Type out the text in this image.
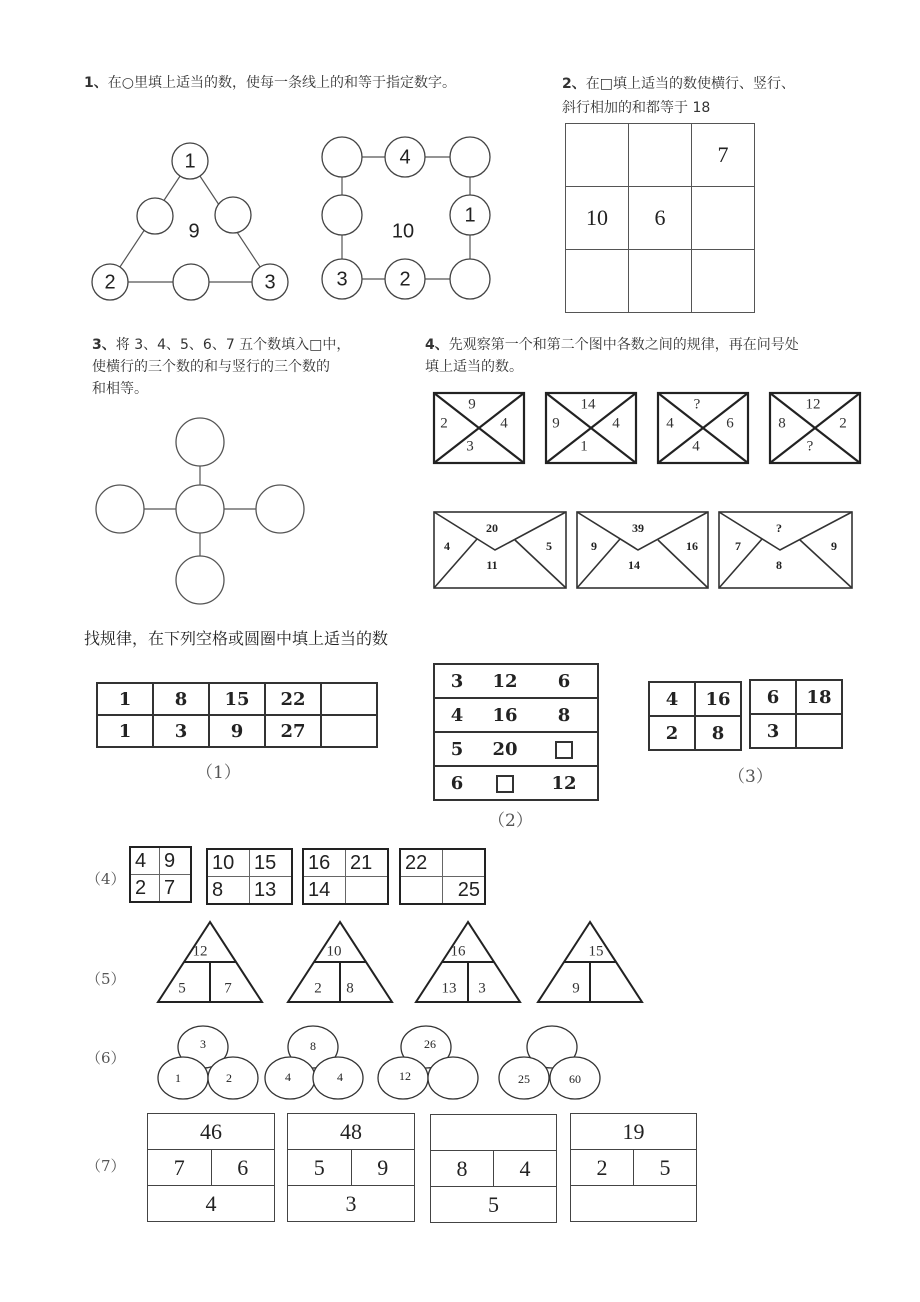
1、在○里填上适当的数，使每一条线上的和等于指定数字。
1
2	3
9
4
1
3	2
10
2、在□填上适当的数使横行、竖行、
斜行相加的和都等于 18
		7
10	6	

3、将 3、4、5、6、7 五个数填入□中，
使横行的三个数的和与竖行的三个数的
和相等。
4、先观察第一个和第二个图中各数之间的规律，再在问号处
填上适当的数。
9
2	4
3
14
9	4
1
?
4	6
4
12
8	2
?
20
4	5
11
39
9	16
14
?
7	9
8
找规律，在下列空格或圆圈中填上适当的数
1	8	15	22	
1	3	9	27	
（1）
3	12	6
4	16	8
5	20	
6		12
（2）
4	16
2	8
6	18
3	
（3）
（4）
4	9
2	7
10	15
8	13
16	21
14	
22	
	25
（5）
12
5	7
10
2 8
16
13 3
15
9
（6）
3
1	2
8
4	4
26
12	25	60
（7）
46
7	6
4
48
5	9
3

8	4
5
19
2	5
